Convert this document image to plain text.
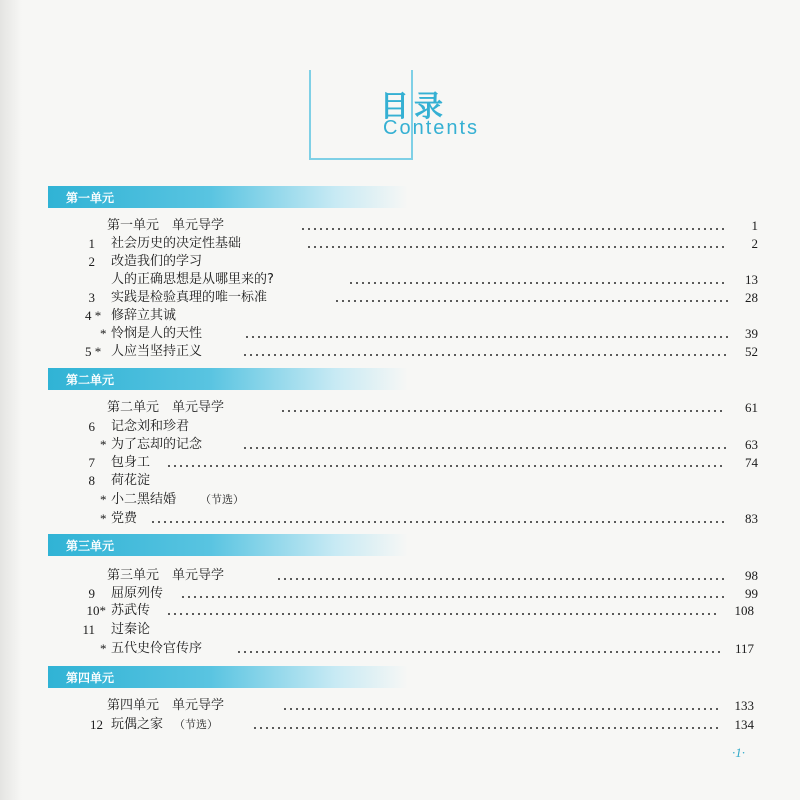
目录
Contents
第一单元
第一单元　单元导学	1
1 社会历史的决定性基础	2
2 改造我们的学习
人的正确思想是从哪里来的?	13
3 实践是检验真理的唯一标准	28
4 * 修辞立其诚
* 怜悯是人的天性	39
5 * 人应当坚持正义	52
第二单元
第二单元　单元导学	61
6 记念刘和珍君
* 为了忘却的记念	63
7 包身工	74
8 荷花淀
* 小二黑结婚 （节选）
* 党费	83
第三单元
第三单元　单元导学	98
9 屈原列传	99
10* 苏武传	108
11 过秦论
* 五代史伶官传序	117
第四单元
第四单元　单元导学	133
12 玩偶之家 （节选）	134
·1·
